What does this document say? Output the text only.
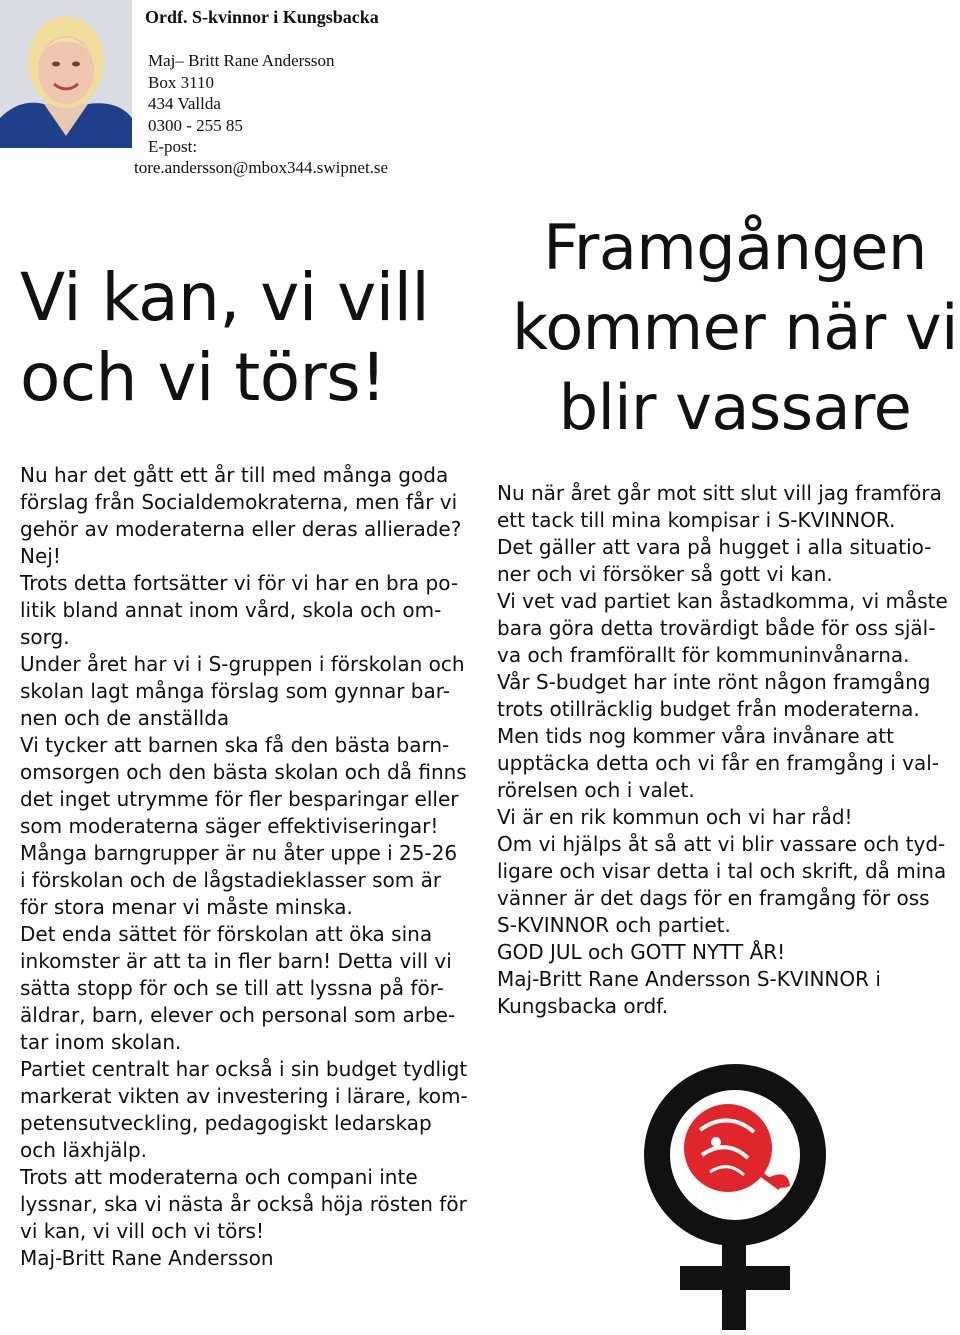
Ordf. S-kvinnor i Kungsbacka
Maj– Britt Rane Andersson
Box 3110
434 Vallda
0300 - 255 85
E-post:
tore.andersson@mbox344.swipnet.se
Vi kan, vi vill
och vi törs!
Framgången
kommer när vi
blir vassare
Nu har det gått ett år till med många goda
förslag från Socialdemokraterna, men får vi
gehör av moderaterna eller deras allierade?
Nej!
Trots detta fortsätter vi för vi har en bra po-
litik bland annat inom vård, skola och om-
sorg.
Under året har vi i S-gruppen i förskolan och
skolan lagt många förslag som gynnar bar-
nen och de anställda
Vi tycker att barnen ska få den bästa barn-
omsorgen och den bästa skolan och då finns
det inget utrymme för fler besparingar eller
som moderaterna säger effektiviseringar!
Många barngrupper är nu åter uppe i 25-26
i förskolan och de lågstadieklasser som är
för stora menar vi måste minska.
Det enda sättet för förskolan att öka sina
inkomster är att ta in fler barn! Detta vill vi
sätta stopp för och se till att lyssna på för-
äldrar, barn, elever och personal som arbe-
tar inom skolan.
Partiet centralt har också i sin budget tydligt
markerat vikten av investering i lärare, kom-
petensutveckling, pedagogiskt ledarskap
och läxhjälp.
Trots att moderaterna och compani inte
lyssnar, ska vi nästa år också höja rösten för
vi kan, vi vill och vi törs!
Maj-Britt Rane Andersson
Nu när året går mot sitt slut vill jag framföra
ett tack till mina kompisar i S-KVINNOR.
Det gäller att vara på hugget i alla situatio-
ner och vi försöker så gott vi kan.
Vi vet vad partiet kan åstadkomma, vi måste
bara göra detta trovärdigt både för oss själ-
va och framförallt för kommuninvånarna.
Vår S-budget har inte rönt någon framgång
trots otillräcklig budget från moderaterna.
Men tids nog kommer våra invånare att
upptäcka detta och vi får en framgång i val-
rörelsen och i valet.
Vi är en rik kommun och vi har råd!
Om vi hjälps åt så att vi blir vassare och tyd-
ligare och visar detta i tal och skrift, då mina
vänner är det dags för en framgång för oss
S-KVINNOR och partiet.
GOD JUL och GOTT NYTT ÅR!
Maj-Britt Rane Andersson S-KVINNOR i
Kungsbacka ordf.
